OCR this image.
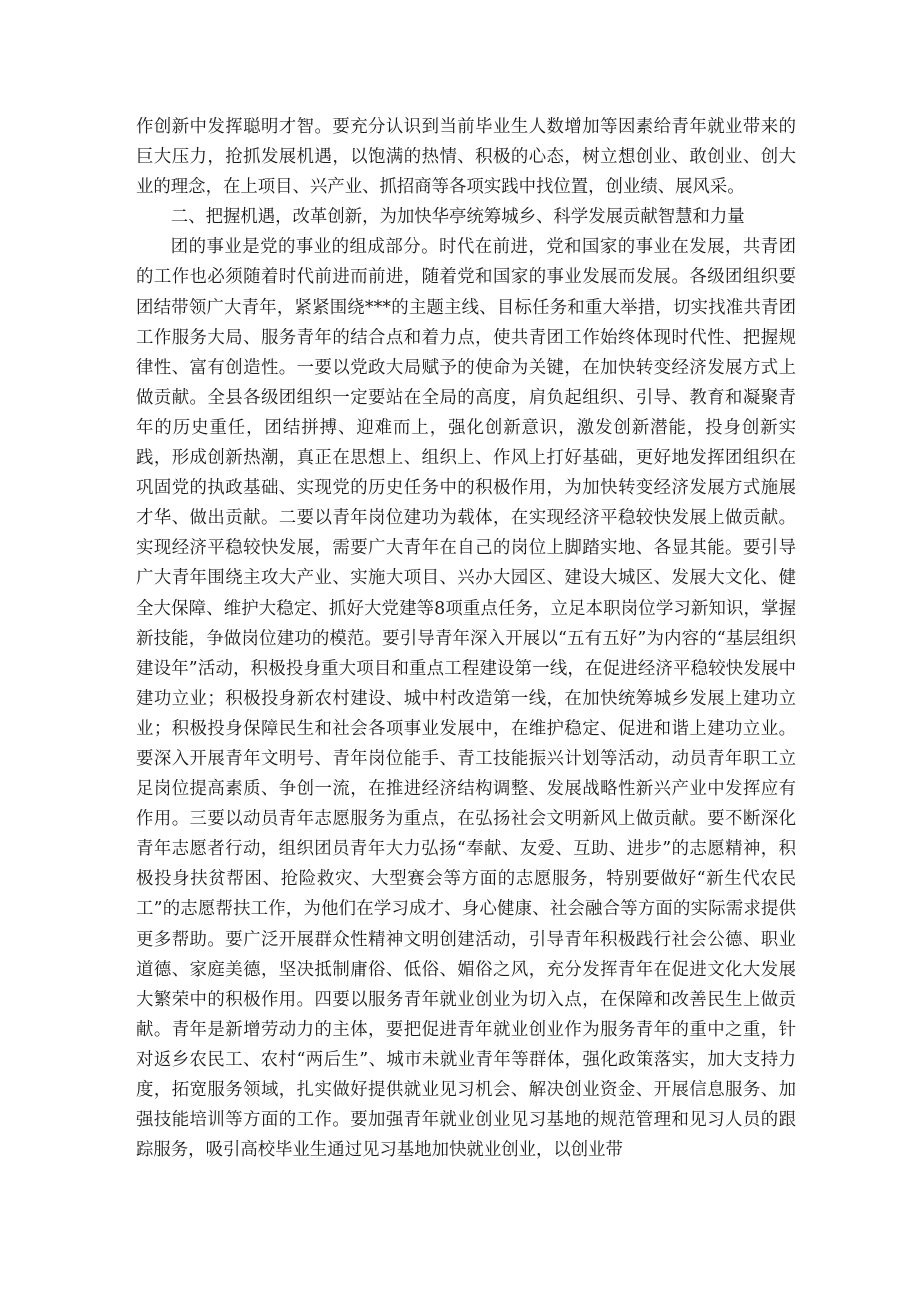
作创新中发挥聪明才智。要充分认识到当前毕业生人数增加等因素给青年就业带来的巨大压力，抢抓发展机遇，以饱满的热情、积极的心态，树立想创业、敢创业、创大业的理念，在上项目、兴产业、抓招商等各项实践中找位置，创业绩、展风采。

二、把握机遇，改革创新，为加快华亭统筹城乡、科学发展贡献智慧和力量

团的事业是党的事业的组成部分。时代在前进，党和国家的事业在发展，共青团的工作也必须随着时代前进而前进，随着党和国家的事业发展而发展。各级团组织要团结带领广大青年，紧紧围绕***的主题主线、目标任务和重大举措，切实找准共青团工作服务大局、服务青年的结合点和着力点，使共青团工作始终体现时代性、把握规律性、富有创造性。一要以党政大局赋予的使命为关键，在加快转变经济发展方式上做贡献。全县各级团组织一定要站在全局的高度，肩负起组织、引导、教育和凝聚青年的历史重任，团结拼搏、迎难而上，强化创新意识，激发创新潜能，投身创新实践，形成创新热潮，真正在思想上、组织上、作风上打好基础，更好地发挥团组织在巩固党的执政基础、实现党的历史任务中的积极作用，为加快转变经济发展方式施展才华、做出贡献。二要以青年岗位建功为载体，在实现经济平稳较快发展上做贡献。实现经济平稳较快发展，需要广大青年在自己的岗位上脚踏实地、各显其能。要引导广大青年围绕主攻大产业、实施大项目、兴办大园区、建设大城区、发展大文化、健全大保障、维护大稳定、抓好大党建等8项重点任务，立足本职岗位学习新知识，掌握新技能，争做岗位建功的模范。要引导青年深入开展以“五有五好”为内容的“基层组织建设年”活动，积极投身重大项目和重点工程建设第一线，在促进经济平稳较快发展中建功立业；积极投身新农村建设、城中村改造第一线，在加快统筹城乡发展上建功立业；积极投身保障民生和社会各项事业发展中，在维护稳定、促进和谐上建功立业。要深入开展青年文明号、青年岗位能手、青工技能振兴计划等活动，动员青年职工立足岗位提高素质、争创一流，在推进经济结构调整、发展战略性新兴产业中发挥应有作用。三要以动员青年志愿服务为重点，在弘扬社会文明新风上做贡献。要不断深化青年志愿者行动，组织团员青年大力弘扬“奉献、友爱、互助、进步”的志愿精神，积极投身扶贫帮困、抢险救灾、大型赛会等方面的志愿服务，特别要做好“新生代农民工”的志愿帮扶工作，为他们在学习成才、身心健康、社会融合等方面的实际需求提供更多帮助。要广泛开展群众性精神文明创建活动，引导青年积极践行社会公德、职业道德、家庭美德，坚决抵制庸俗、低俗、媚俗之风，充分发挥青年在促进文化大发展大繁荣中的积极作用。四要以服务青年就业创业为切入点，在保障和改善民生上做贡献。青年是新增劳动力的主体，要把促进青年就业创业作为服务青年的重中之重，针对返乡农民工、农村“两后生”、城市未就业青年等群体，强化政策落实，加大支持力度，拓宽服务领域，扎实做好提供就业见习机会、解决创业资金、开展信息服务、加强技能培训等方面的工作。要加强青年就业创业见习基地的规范管理和见习人员的跟踪服务，吸引高校毕业生通过见习基地加快就业创业，以创业带
